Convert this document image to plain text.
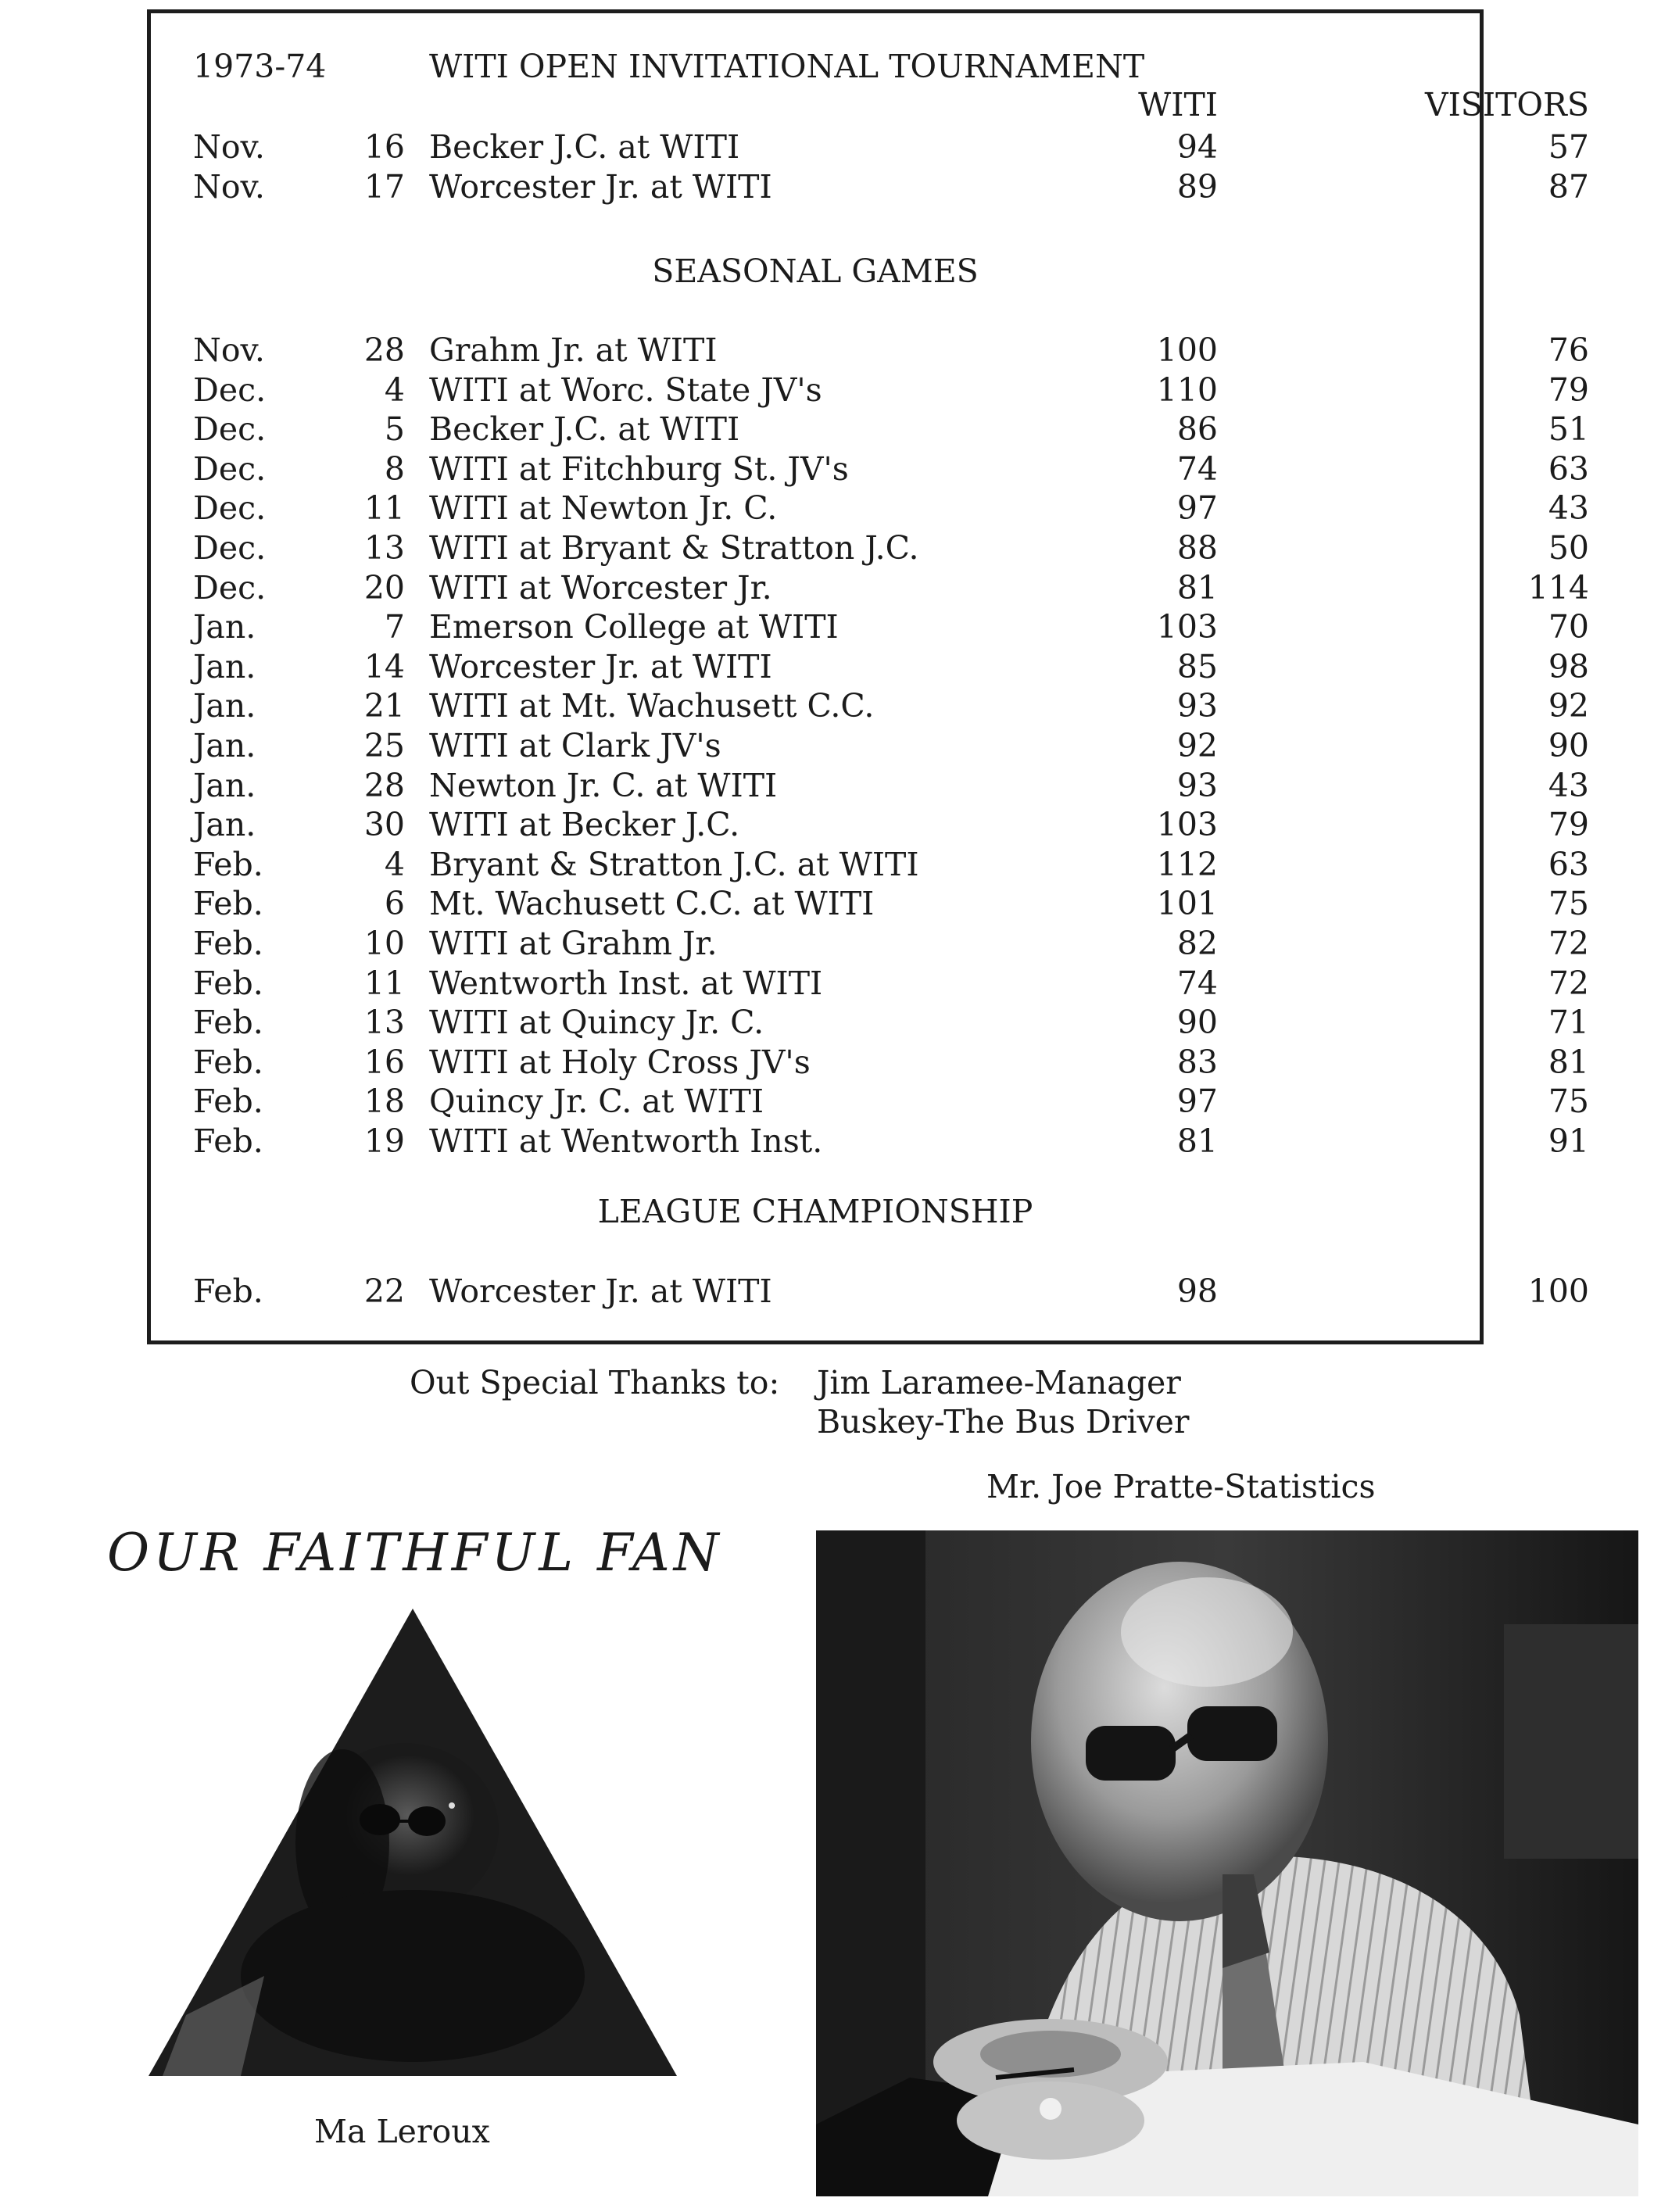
1973-74	WITI OPEN INVITATIONAL TOURNAMENT
WITI	VISITORS
Nov.	16 Becker J.C. at WITI	94	57
Nov.	17 Worcester Jr. at WITI	89	87
SEASONAL GAMES
Nov.	28 Grahm Jr. at WITI	100	76
Dec.	4 WITI at Worc. State JV's	110	79
Dec.	5 Becker J.C. at WITI	86	51
Dec.	8 WITI at Fitchburg St. JV's	74	63
Dec.	11 WITI at Newton Jr. C.	97	43
Dec.	13 WITI at Bryant & Stratton J.C.	88	50
Dec.	20 WITI at Worcester Jr.	81	114
Jan.	7 Emerson College at WITI	103	70
Jan.	14 Worcester Jr. at WITI	85	98
Jan.	21 WITI at Mt. Wachusett C.C.	93	92
Jan.	25 WITI at Clark JV's	92	90
Jan.	28 Newton Jr. C. at WITI	93	43
Jan.	30 WITI at Becker J.C.	103	79
Feb.	4 Bryant & Stratton J.C. at WITI	112	63
Feb.	6 Mt. Wachusett C.C. at WITI	101	75
Feb.	10 WITI at Grahm Jr.	82	72
Feb.	11 Wentworth Inst. at WITI	74	72
Feb.	13 WITI at Quincy Jr. C.	90	71
Feb.	16 WITI at Holy Cross JV's	83	81
Feb.	18 Quincy Jr. C. at WITI	97	75
Feb.	19 WITI at Wentworth Inst.	81	91
LEAGUE CHAMPIONSHIP
Feb.	22 Worcester Jr. at WITI	98	100
Out Special Thanks to: Jim Laramee-Manager
Buskey-The Bus Driver
Mr. Joe Pratte-Statistics
OUR FAITHFUL FAN
Ma Leroux
